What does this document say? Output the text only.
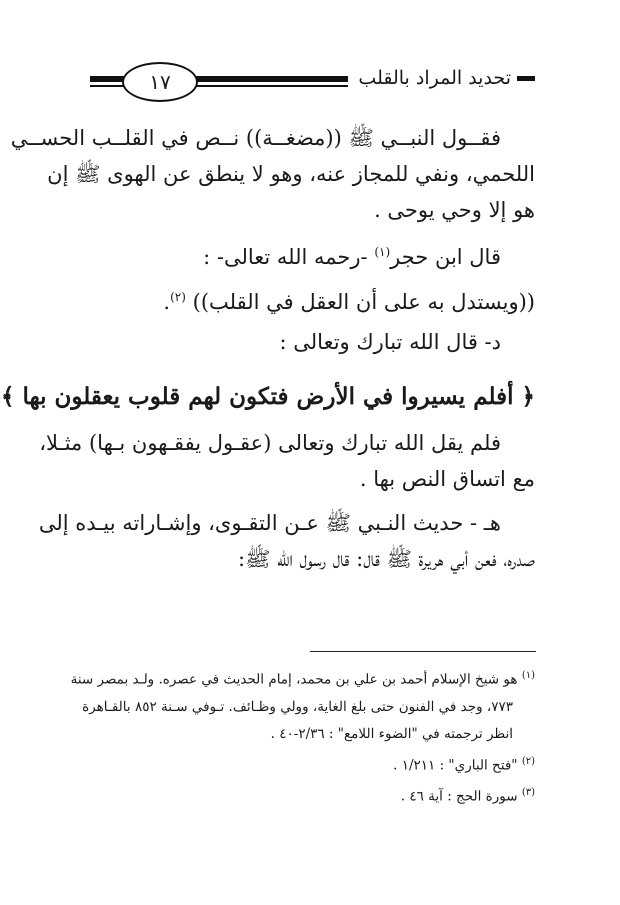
١٧	تحديد المراد بالقلب
فقــول النبــي ﷺ ((مضغــة)) نــص في القلــب الحســي
اللحمي، ونفي للمجاز عنه، وهو لا ينطق عن الهوى ﷺ إن
هو إلا وحي يوحى .
قال ابن حجر$^{(١)}$ -رحمه الله تعالى- :
((ويستدل به على أن العقل في القلب)) $^{(٢)}$.
د- قال الله تبارك وتعالى :
﴿ أفلم يسيروا في الأرض فتكون لهم قلوب يعقلون بها ﴾
فلم يقل الله تبارك وتعالى (عقـول يفقـهون بـها) مثـلا،
مع اتساق النص بها .
هـ - حديث النـبي ﷺ عـن التقـوى، وإشـاراته بيـده إلى
صدره، فعن أبي هريرة ﷺ قال: قال رسول الله ﷺ:
$^{(١)}$ هو شيخ الإسلام أحمد بن علي بن محمد، إمام الحديث في عصره. ولـد بمصر سنة
٧٧٣، وجد في الفنون حتى بلغ الغاية، وولي وظـائف. تـوفي سـنة ٨٥٢ بالقـاهرة
انظر ترجمته في "الضوء اللامع" : ٢/٣٦-٤٠ .
$^{(٢)}$ "فتح الباري" : ١/٢١١ .
$^{(٣)}$ سورة الحج : آية ٤٦ .
